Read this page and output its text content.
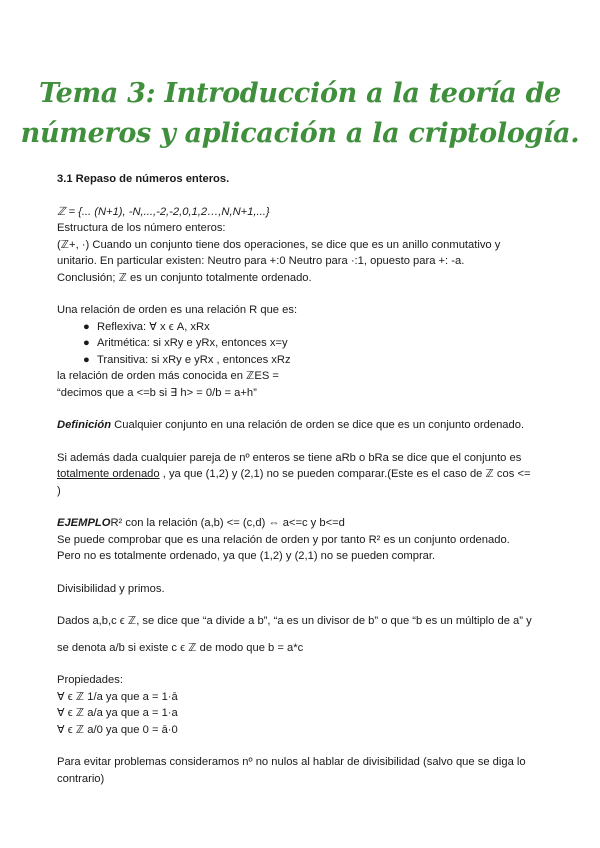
Tema 3: Introducción a la teoría de
números y aplicación a la criptología.

3.1 Repaso de números enteros.

ℤ = {... (N+1), -N,...,-2,-2,0,1,2…,N,N+1,...}

Estructura de los número enteros:

(ℤ+, ·) Cuando un conjunto tiene dos operaciones, se dice que es un anillo conmutativo y

unitario. En particular existen: Neutro para +:0 Neutro para ·:1, opuesto para +: -a.

Conclusión; ℤ es un conjunto totalmente ordenado.

Una relación de orden es una relación R que es:

● Reflexiva: ∀ x ϵ A, xRx
● Aritmética: si xRy e yRx, entonces x=y
● Transitiva: si xRy e yRx , entonces xRz

la relación de orden más conocida en ℤES =

“decimos que a <=b si ∃ h> = 0/b = a+h”

Definición Cualquier conjunto en una relación de orden se dice que es un conjunto ordenado.

Si además dada cualquier pareja de nº enteros se tiene aRb o bRa se dice que el conjunto es

totalmente ordenado , ya que (1,2) y (2,1) no se pueden comparar.(Este es el caso de ℤ cos <=

)

EJEMPLOR² con la relación (a,b) <= (c,d) ⇔ a<=c y b<=d

Se puede comprobar que es una relación de orden y por tanto R² es un conjunto ordenado.

Pero no es totalmente ordenado, ya que (1,2) y (2,1) no se pueden comprar.

Divisibilidad y primos.

Dados a,b,c ϵ ℤ, se dice que “a divide a b”, “a es un divisor de b” o que “b es un múltiplo de a” y

se denota a/b si existe c ϵ ℤ de modo que b = a*c

Propiedades:

∀ ϵ ℤ 1/a ya que a = 1·ā

∀ ϵ ℤ a/a ya que a = 1·a

∀ ϵ ℤ a/0 ya que 0 = ā·0

Para evitar problemas consideramos nº no nulos al hablar de divisibilidad (salvo que se diga lo

contrario)
